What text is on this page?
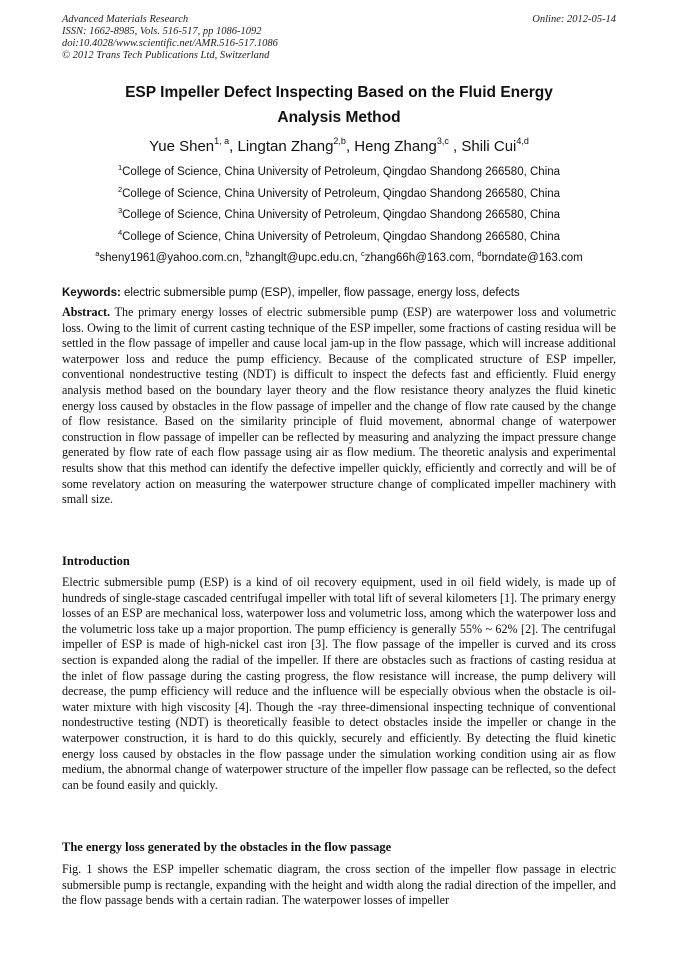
Advanced Materials Research
ISSN: 1662-8985, Vols. 516-517, pp 1086-1092
doi:10.4028/www.scientific.net/AMR.516-517.1086
© 2012 Trans Tech Publications Ltd, Switzerland
Online: 2012-05-14
ESP Impeller Defect Inspecting Based on the Fluid Energy
Analysis Method
Yue Shen$^{1, a}$, Lingtan Zhang$^{2,b}$, Heng Zhang$^{3,c}$ , Shili Cui$^{4,d}$
$^1$College of Science, China University of Petroleum, Qingdao Shandong 266580, China
$^2$College of Science, China University of Petroleum, Qingdao Shandong 266580, China
$^3$College of Science, China University of Petroleum, Qingdao Shandong 266580, China
$^4$College of Science, China University of Petroleum, Qingdao Shandong 266580, China
$^a$sheny1961@yahoo.com.cn, $^b$zhanglt@upc.edu.cn, $^c$zhang66h@163.com, $^d$borndate@163.com
Keywords: electric submersible pump (ESP), impeller, flow passage, energy loss, defects

Abstract. The primary energy losses of electric submersible pump (ESP) are waterpower loss and volumetric loss. Owing to the limit of current casting technique of the ESP impeller, some fractions of casting residua will be settled in the flow passage of impeller and cause local jam-up in the flow passage, which will increase additional waterpower loss and reduce the pump efficiency. Because of the complicated structure of ESP impeller, conventional nondestructive testing (NDT) is difficult to inspect the defects fast and efficiently. Fluid energy analysis method based on the boundary layer theory and the flow resistance theory analyzes the fluid kinetic energy loss caused by obstacles in the flow passage of impeller and the change of flow rate caused by the change of flow resistance. Based on the similarity principle of fluid movement, abnormal change of waterpower construction in flow passage of impeller can be reflected by measuring and analyzing the impact pressure change generated by flow rate of each flow passage using air as flow medium. The theoretic analysis and experimental results show that this method can identify the defective impeller quickly, efficiently and correctly and will be of some revelatory action on measuring the waterpower structure change of complicated impeller machinery with small size.

Introduction

Electric submersible pump (ESP) is a kind of oil recovery equipment, used in oil field widely, is made up of hundreds of single-stage cascaded centrifugal impeller with total lift of several kilometers [1]. The primary energy losses of an ESP are mechanical loss, waterpower loss and volumetric loss, among which the waterpower loss and the volumetric loss take up a major proportion. The pump efficiency is generally 55% ~ 62% [2]. The centrifugal impeller of ESP is made of high-nickel cast iron [3]. The flow passage of the impeller is curved and its cross section is expanded along the radial of the impeller. If there are obstacles such as fractions of casting residua at the inlet of flow passage during the casting progress, the flow resistance will increase, the pump delivery will decrease, the pump efficiency will reduce and the influence will be especially obvious when the obstacle is oil-water mixture with high viscosity [4]. Though the -ray three-dimensional inspecting technique of conventional nondestructive testing (NDT) is theoretically feasible to detect obstacles inside the impeller or change in the waterpower construction, it is hard to do this quickly, securely and efficiently. By detecting the fluid kinetic energy loss caused by obstacles in the flow passage under the simulation working condition using air as flow medium, the abnormal change of waterpower structure of the impeller flow passage can be reflected, so the defect can be found easily and quickly.

The energy loss generated by the obstacles in the flow passage

Fig. 1 shows the ESP impeller schematic diagram, the cross section of the impeller flow passage in electric submersible pump is rectangle, expanding with the height and width along the radial direction of the impeller, and the flow passage bends with a certain radian. The waterpower losses of impeller
